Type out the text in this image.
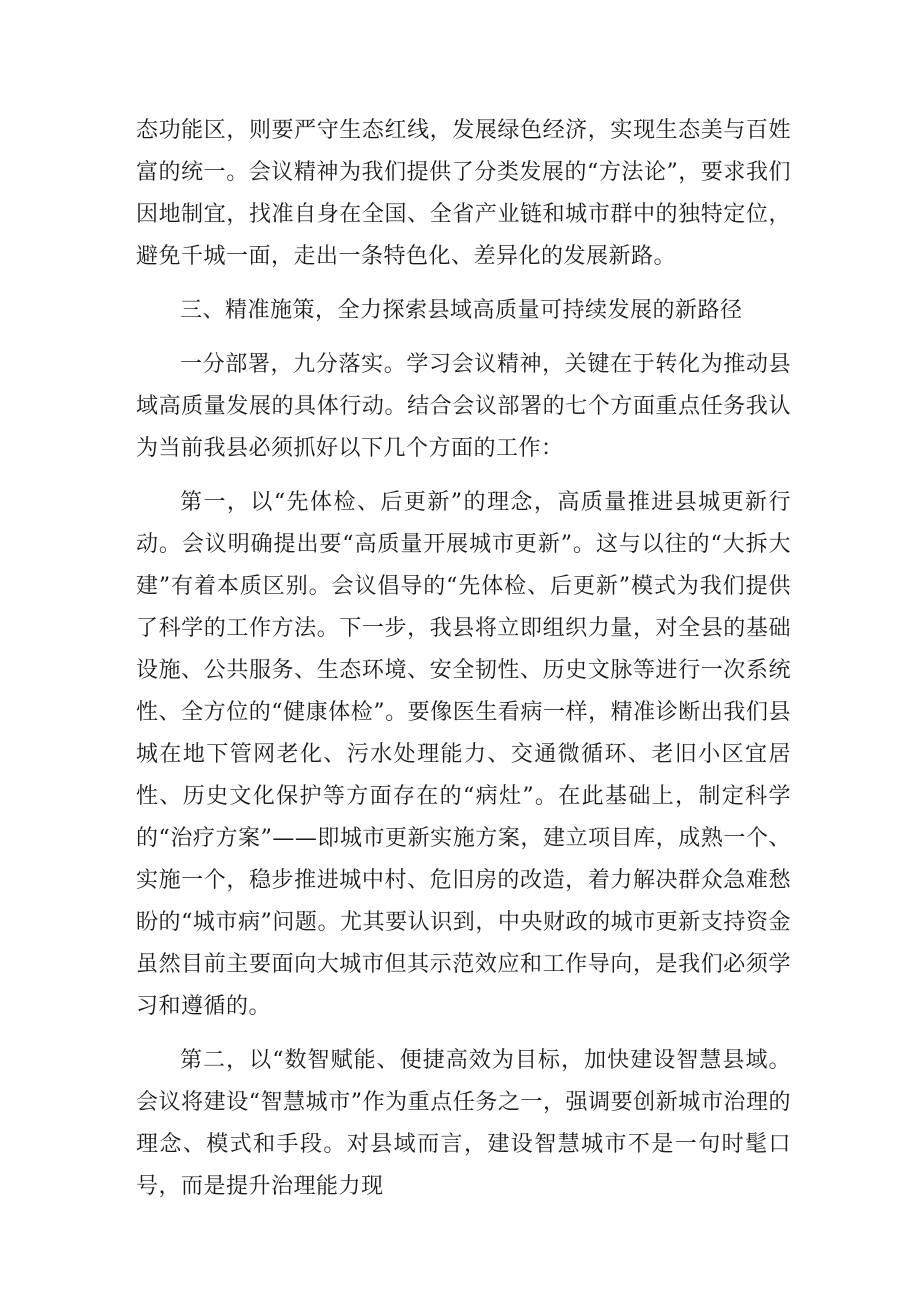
态功能区，则要严守生态红线，发展绿色经济，实现生态美与百姓富的统一。会议精神为我们提供了分类发展的“方法论”，要求我们因地制宜，找准自身在全国、全省产业链和城市群中的独特定位，避免千城一面，走出一条特色化、差异化的发展新路。

三、精准施策，全力探索县域高质量可持续发展的新路径

一分部署，九分落实。学习会议精神，关键在于转化为推动县域高质量发展的具体行动。结合会议部署的七个方面重点任务我认为当前我县必须抓好以下几个方面的工作：

第一，以“先体检、后更新”的理念，高质量推进县城更新行动。会议明确提出要“高质量开展城市更新”。这与以往的“大拆大建”有着本质区别。会议倡导的“先体检、后更新”模式为我们提供了科学的工作方法。下一步，我县将立即组织力量，对全县的基础设施、公共服务、生态环境、安全韧性、历史文脉等进行一次系统性、全方位的“健康体检”。要像医生看病一样，精准诊断出我们县城在地下管网老化、污水处理能力、交通微循环、老旧小区宜居性、历史文化保护等方面存在的“病灶”。在此基础上，制定科学的“治疗方案”——即城市更新实施方案，建立项目库，成熟一个、实施一个，稳步推进城中村、危旧房的改造，着力解决群众急难愁盼的“城市病”问题。尤其要认识到，中央财政的城市更新支持资金虽然目前主要面向大城市但其示范效应和工作导向，是我们必须学习和遵循的。

第二，以“数智赋能、便捷高效为目标，加快建设智慧县域。会议将建设“智慧城市”作为重点任务之一，强调要创新城市治理的理念、模式和手段。对县域而言，建设智慧城市不是一句时髦口号，而是提升治理能力现
